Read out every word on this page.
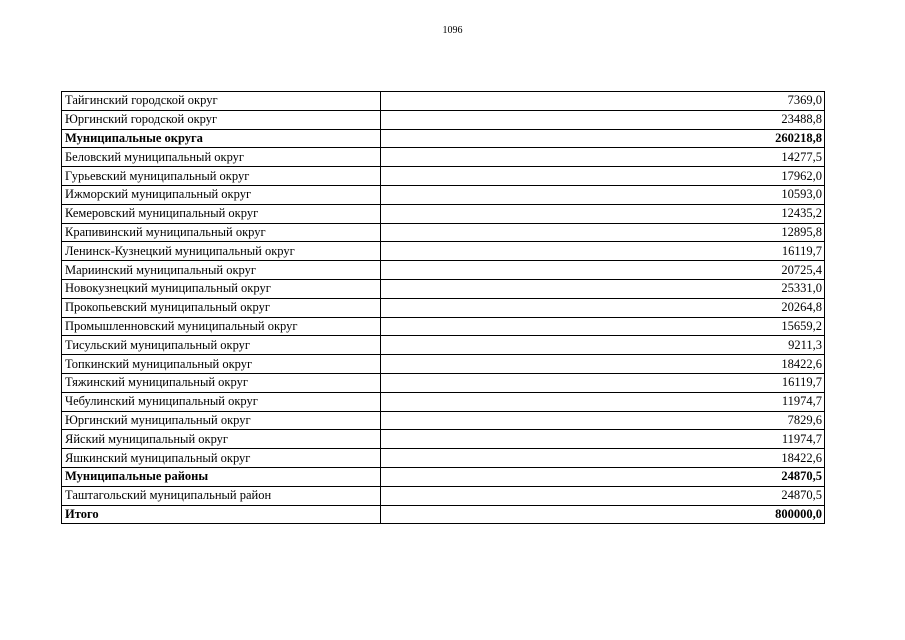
1096
Тайгинский городской округ	7369,0
Юргинский городской округ	23488,8
Муниципальные округа	260218,8
Беловский муниципальный округ	14277,5
Гурьевский муниципальный округ	17962,0
Ижморский муниципальный округ	10593,0
Кемеровский муниципальный округ	12435,2
Крапивинский муниципальный округ	12895,8
Ленинск-Кузнецкий муниципальный округ	16119,7
Мариинский муниципальный округ	20725,4
Новокузнецкий муниципальный округ	25331,0
Прокопьевский муниципальный округ	20264,8
Промышленновский муниципальный округ	15659,2
Тисульский муниципальный округ	9211,3
Топкинский муниципальный округ	18422,6
Тяжинский муниципальный округ	16119,7
Чебулинский муниципальный округ	11974,7
Юргинский муниципальный округ	7829,6
Яйский муниципальный округ	11974,7
Яшкинский муниципальный округ	18422,6
Муниципальные районы	24870,5
Таштагольский муниципальный район	24870,5
Итого	800000,0
